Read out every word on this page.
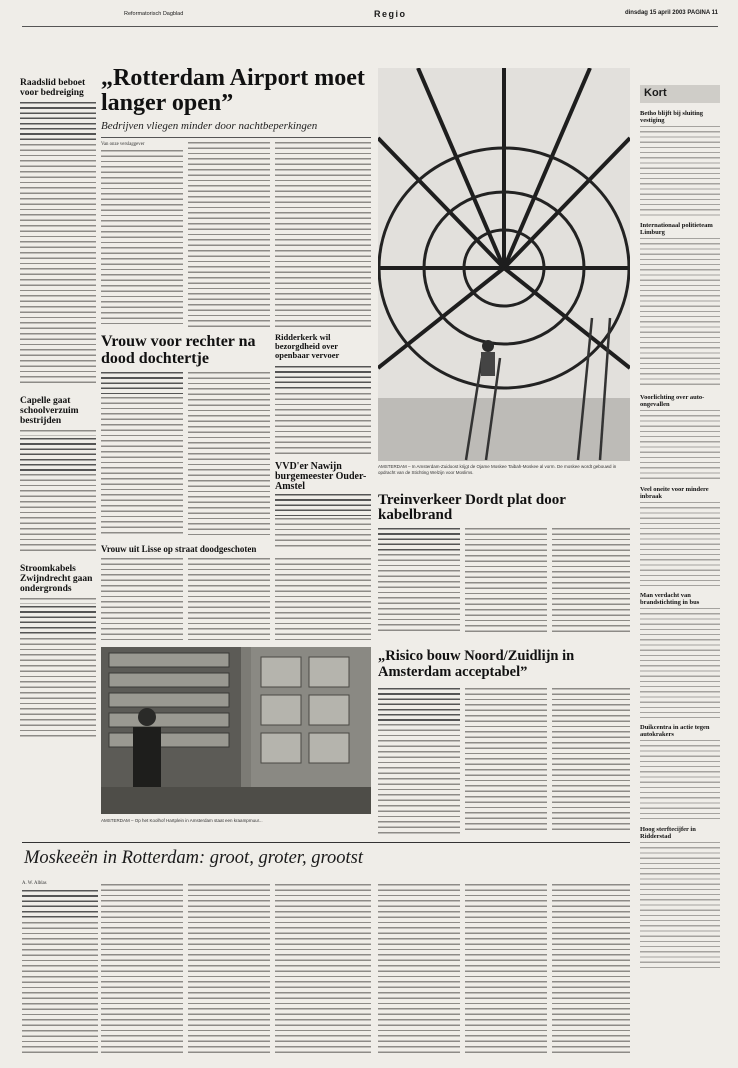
Reformatorisch Dagblad	Regio	dinsdag 15 april 2003 PAGINA 11
Raadslid beboet voor bedreiging
Capelle gaat schoolverzuim bestrijden
Stroomkabels Zwijndrecht gaan ondergronds
„Rotterdam Airport moet langer open”
Bedrijven vliegen minder door nachtbeperkingen
Van onze verslaggever
AMSTERDAM – In Amsterdam-Zuidoost krijgt de Ojame Moskee Taibah-Moskee al vorm. De moskee wordt gebouwd in opdracht van de Stichting Welzijn voor Moslims.
Vrouw voor rechter na dood dochtertje
Ridderkerk wil bezorgdheid over openbaar vervoer
VVD'er Nawijn burgemeester Ouder-Amstel
Treinverkeer Dordt plat door kabelbrand
Vrouw uit Lisse op straat doodgeschoten
AMSTERDAM – Op het Koolhof Hartplein in Amsterdam staat een kraampmuur...
„Risico bouw Noord/Zuidlijn in Amsterdam acceptabel”
Moskeeën in Rotterdam: groot, groter, grootst
A. W. Alblas
Kort
Betho blijft bij sluiting vestiging
Internationaal politieteam Limburg
Voorlichting over auto-ongevallen
Veel oneite voor mindere inbraak
Man verdacht van brandstichting in bus
Duikcentra in actie tegen autokrakers
Hoog sterftecijfer in Ridderstad
